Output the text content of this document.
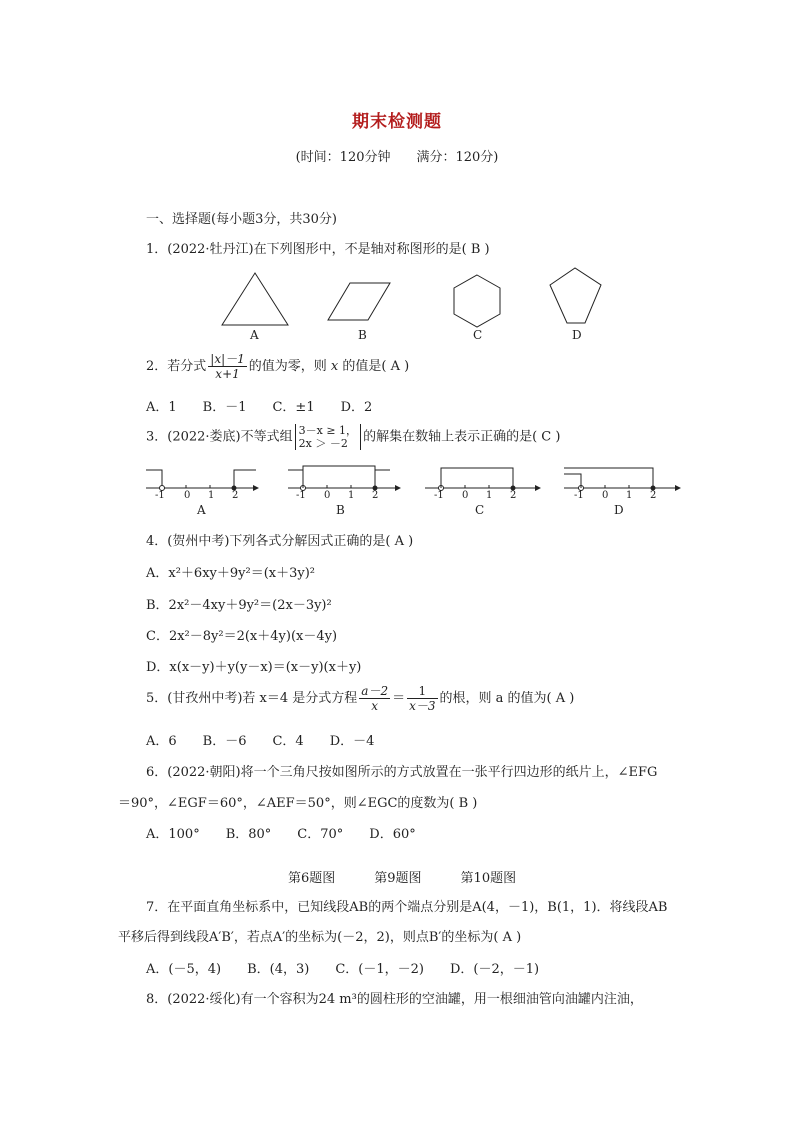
期末检测题
(时间：120分钟　　满分：120分)
一、选择题(每小题3分，共30分)
1．(2022·牡丹江)在下列图形中，不是轴对称图形的是( B )
A	B	C	D
2．若分式 $\frac{|x|-1}{x+1}$ 的值为零，则 x 的值是( A )
A．1　　B．－1　　C．±1　　D．2
3．(2022·娄底)不等式组 3－x ≥ 1，
2x ＞ －2	的解集在数轴上表示正确的是( C )
-1 0 1 2	-1 0 1 2	-1 0 1 2	-1 0 1 2
A	B	C	D
4．(贺州中考)下列各式分解因式正确的是( A )
A．x²＋6xy＋9y²＝(x＋3y)²
B．2x²－4xy＋9y²＝(2x－3y)²
C．2x²－8y²＝2(x＋4y)(x－4y)
D．x(x－y)＋y(y－x)＝(x－y)(x＋y)
5．(甘孜州中考)若 x＝4 是分式方程 $\frac{a-2}{x} = \frac{1}{x-3}$ 的根，则 a 的值为( A )
A．6　　B．－6　　C．4　　D．－4
6．(2022·朝阳)将一个三角尺按如图所示的方式放置在一张平行四边形的纸片上，∠EFG
＝90°，∠EGF＝60°，∠AEF＝50°，则∠EGC的度数为( B )
A．100°　　B．80°　　C．70°　　D．60°
第6题图　　　第9题图　　　第10题图
7．在平面直角坐标系中，已知线段AB的两个端点分别是A(4，－1)，B(1，1)．将线段AB
平移后得到线段A′B′，若点A′的坐标为(－2，2)，则点B′的坐标为( A )
A．(－5，4)　　B．(4，3)　　C．(－1，－2)　　D．(－2，－1)
8．(2022·绥化)有一个容积为24 m³的圆柱形的空油罐，用一根细油管向油罐内注油，
